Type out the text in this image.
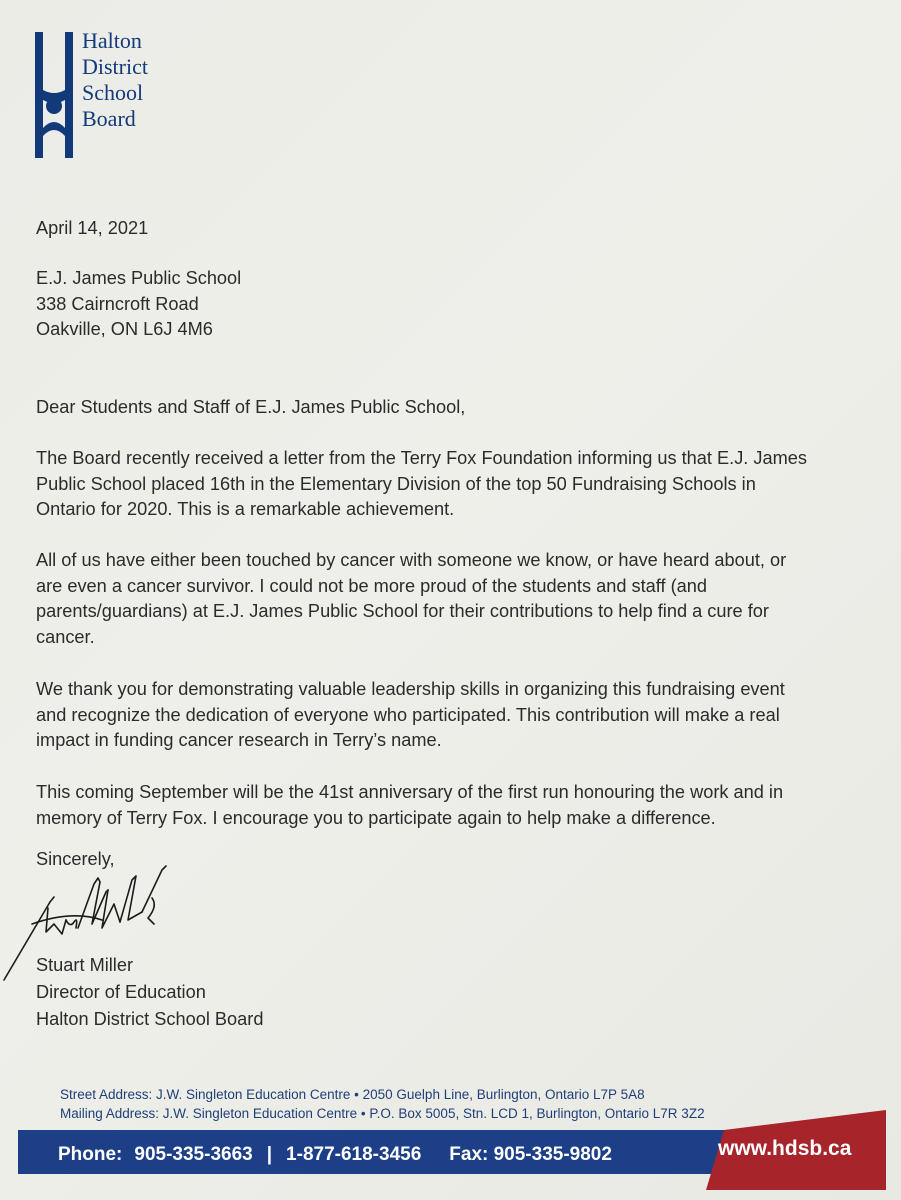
Halton
District
School
Board
April 14, 2021
E.J. James Public School
338 Cairncroft Road
Oakville, ON L6J 4M6
Dear Students and Staff of E.J. James Public School,
The Board recently received a letter from the Terry Fox Foundation informing us that E.J. James
Public School placed 16th in the Elementary Division of the top 50 Fundraising Schools in
Ontario for 2020. This is a remarkable achievement.
All of us have either been touched by cancer with someone we know, or have heard about, or
are even a cancer survivor. I could not be more proud of the students and staff (and
parents/guardians) at E.J. James Public School for their contributions to help find a cure for
cancer.
We thank you for demonstrating valuable leadership skills in organizing this fundraising event
and recognize the dedication of everyone who participated. This contribution will make a real
impact in funding cancer research in Terry’s name.
This coming September will be the 41st anniversary of the first run honouring the work and in
memory of Terry Fox. I encourage you to participate again to help make a difference.
Sincerely,
Stuart Miller
Director of Education
Halton District School Board
Street Address: J.W. Singleton Education Centre • 2050 Guelph Line, Burlington, Ontario L7P 5A8
Mailing Address: J.W. Singleton Education Centre • P.O. Box 5005, Stn. LCD 1, Burlington, Ontario L7R 3Z2
Phone: 905-335-3663 | 1-877-618-3456 Fax: 905-335-9802	www.hdsb.ca
